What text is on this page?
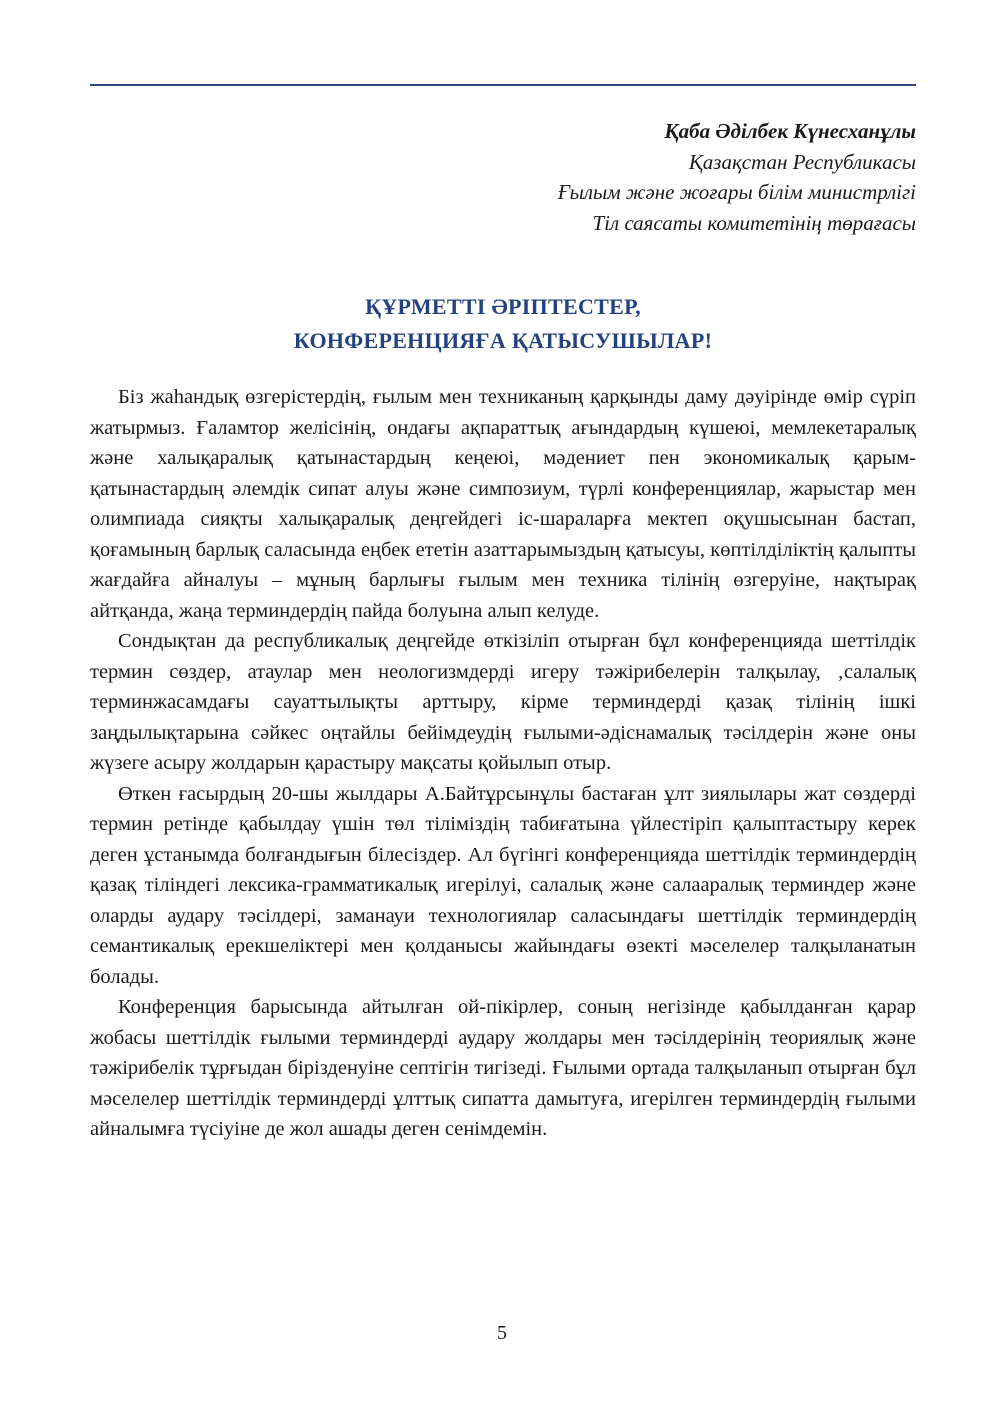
Қаба Әділбек Күнесханұлы
Қазақстан Республикасы
Ғылым және жоғары білім министрлігі
Тіл саясаты комитетінің төрағасы
ҚҰРМЕТТІ ӘРІПТЕСТЕР,
КОНФЕРЕНЦИЯҒА ҚАТЫСУШЫЛАР!

Біз жаһандық өзгерістердің, ғылым мен техниканың қарқынды даму дәуірінде өмір сүріп жатырмыз. Ғаламтор желісінің, ондағы ақпараттық ағындардың күшеюі, мемлекетаралық және халықаралық қатынастардың кеңеюі, мәдениет пен экономикалық қарым-қатынастардың әлемдік сипат алуы және симпозиум, түрлі конференциялар, жарыстар мен олимпиада сияқты халықаралық деңгейдегі іс-шараларға мектеп оқушысынан бастап, қоғамының барлық саласында еңбек ететін азаттарымыздың қатысуы, көптілділіктің қалыпты жағдайға айналуы – мұның барлығы ғылым мен техника тілінің өзгеруіне, нақтырақ айтқанда, жаңа терминдердің пайда болуына алып келуде.

Сондықтан да республикалық деңгейде өткізіліп отырған бұл конференцияда шеттілдік термин сөздер, атаулар мен неологизмдерді игеру тәжірибелерін талқылау, ‚салалық терминжасамдағы сауаттылықты арттыру, кірме терминдерді қазақ тілінің ішкі заңдылықтарына сәйкес оңтайлы бейімдеудің ғылыми-әдіснамалық тәсілдерін және оны жүзеге асыру жолдарын қарастыру мақсаты қойылып отыр.

Өткен ғасырдың 20-шы жылдары А.Байтұрсынұлы бастаған ұлт зиялылары жат сөздерді термин ретінде қабылдау үшін төл тіліміздің табиғатына үйлестіріп қалыптастыру керек деген ұстанымда болғандығын білесіздер. Ал бүгінгі конференцияда шеттілдік терминдердің қазақ тіліндегі лексика-грамматикалық игерілуі, салалық және салааралық терминдер және оларды аудару тәсілдері, заманауи технологиялар саласындағы шеттілдік терминдердің семантикалық ерекшеліктері мен қолданысы жайындағы өзекті мәселелер талқыланатын болады.

Конференция барысында айтылған ой-пікірлер, соның негізінде қабылданған қарар жобасы шеттілдік ғылыми терминдерді аудару жолдары мен тәсілдерінің теориялық және тәжірибелік тұрғыдан бірізденуіне септігін тигізеді. Ғылыми ортада талқыланып отырған бұл мәселелер шеттілдік терминдерді ұлттық сипатта дамытуға, игерілген терминдердің ғылыми айналымға түсіуіне де жол ашады деген сенімдемін.

5
